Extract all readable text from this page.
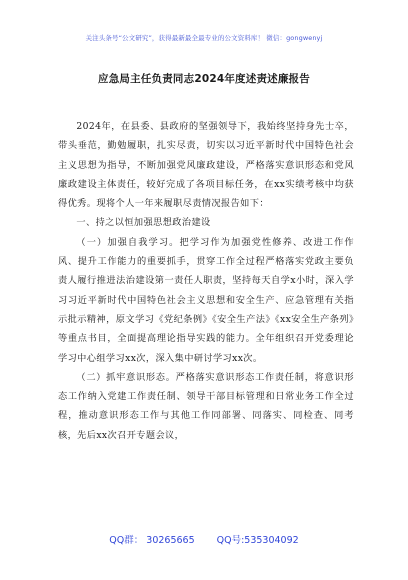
关注头条号“公文研究”，获得最新最全最专业的公文资料库！ 微信：gongwenyj
应急局主任负责同志2024年度述责述廉报告

2024年，在县委、县政府的坚强领导下，我始终坚持身先士卒，带头垂范，勤勉履职，扎实尽责，切实以习近平新时代中国特色社会主义思想为指导，不断加强党风廉政建设，严格落实意识形态和党风廉政建设主体责任，较好完成了各项目标任务，在xx实绩考核中均获得优秀。现将个人一年来履职尽责情况报告如下：

一、持之以恒加强思想政治建设

（一）加强自我学习。把学习作为加强党性修养、改进工作作风、提升工作能力的重要抓手，贯穿工作全过程严格落实党政主要负责人履行推进法治建设第一责任人职责，坚持每天自学x小时，深入学习习近平新时代中国特色社会主义思想和安全生产、应急管理有关指示批示精神，原文学习《党纪条例》《安全生产法》《xx安全生产条列》等重点书目，全面提高理论指导实践的能力。全年组织召开党委理论学习中心组学习xx次，深入集中研讨学习xx次。

（二）抓牢意识形态。严格落实意识形态工作责任制，将意识形态工作纳入党建工作责任制、领导干部目标管理和日常业务工作全过程，推动意识形态工作与其他工作同部署、同落实、同检查、同考核，先后xx次召开专题会议，

QQ群： 30265665 QQ号:535304092
